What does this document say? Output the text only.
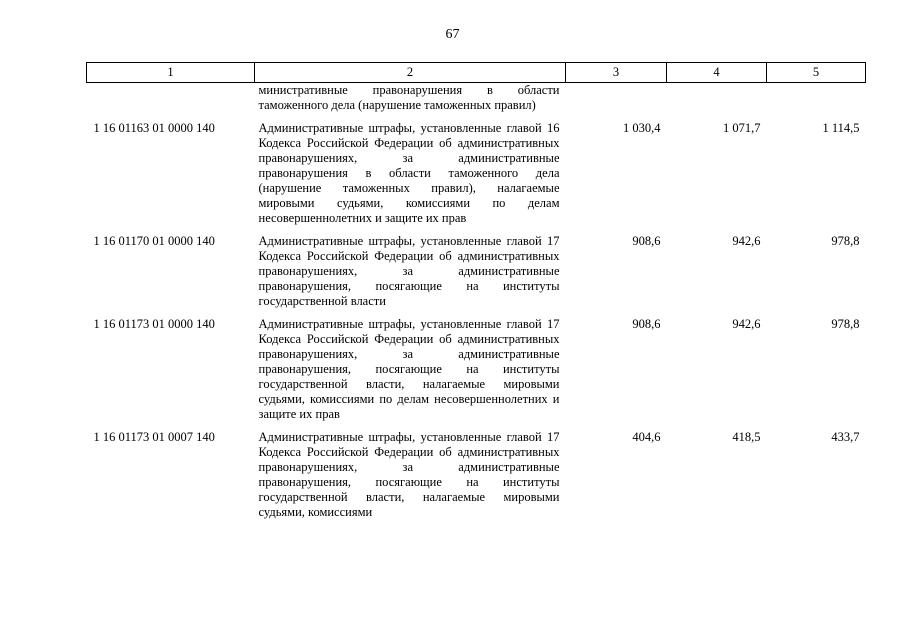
67
1	2	3	4	5
	министративные правонарушения в области таможенного дела (нарушение таможенных правил)			
1 16 01163 01 0000 140	Административные штрафы, установленные главой 16 Кодекса Российской Федерации об административных правонарушениях, за административные правонарушения в области таможенного дела (нарушение таможенных правил), налагаемые мировыми судьями, комиссиями по делам несовершеннолетних и защите их прав	1 030,4	1 071,7	1 114,5
1 16 01170 01 0000 140	Административные штрафы, установленные главой 17 Кодекса Российской Федерации об административных правонарушениях, за административные правонарушения, посягающие на институты государственной власти	908,6	942,6	978,8
1 16 01173 01 0000 140	Административные штрафы, установленные главой 17 Кодекса Российской Федерации об административных правонарушениях, за административные правонарушения, посягающие на институты государственной власти, налагаемые мировыми судьями, комиссиями по делам несовершеннолетних и защите их прав	908,6	942,6	978,8
1 16 01173 01 0007 140	Административные штрафы, установленные главой 17 Кодекса Российской Федерации об административных правонарушениях, за административные правонарушения, посягающие на институты государственной власти, налагаемые мировыми судьями, комиссиями	404,6	418,5	433,7
